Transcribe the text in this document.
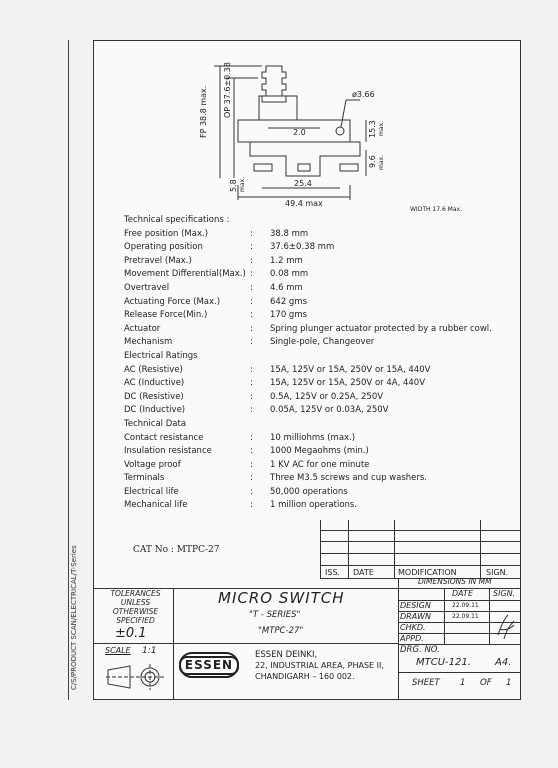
C/S/PRODUCT SCAN/ELECTRICAL/T-Series
FP 38.8 max. OP 37.6±0.38	ø3.66
2.0	15.3 max.
9.6 max.
5.8 max.	25.4
49.4 max
WIDTH 17.6 Max.
Technical specifications :
Free position (Max.)	:	38.8 mm
Operating position	:	37.6±0.38 mm
Pretravel (Max.)	:	1.2 mm
Movement Differential(Max.) :	0.08 mm
Overtravel	:	4.6 mm
Actuating Force (Max.)	:	642 gms
Release Force(Min.)	:	170 gms
Actuator	:	Spring plunger actuator protected by a rubber cowl.
Mechanism	:	Single-pole, Changeover
Electrical Ratings
AC (Resistive)	:	15A, 125V or 15A, 250V or 15A, 440V
AC (Inductive)	:	15A, 125V or 15A, 250V or 4A, 440V
DC (Resistive)	:	0.5A, 125V or 0.25A, 250V
DC (Inductive)	:	0.05A, 125V or 0.03A, 250V
Technical Data
Contact resistance	:	10 milliohms (max.)
Insulation resistance	:	1000 Megaohms (min.)
Voltage proof	:	1 KV AC for one minute
Terminals	:	Three M3.5 screws and cup washers.
Electrical life	:	50,000 operations
Mechanical life	:	1 million operations.
CAT No : MTPC-27
ISS. DATE	MODIFICATION	SIGN.
TOLERANCES
UNLESS
OTHERWISE
SPECIFIED
±0.1
MICRO SWITCH
"T - SERIES"
"MTPC-27"
DIMENSIONS IN MM
DATE	SIGN.
DESIGN	22.09.11
DRAWN	22.09.11
CHKD.
APPD.
DRG. NO.
MTCU-121. A4.
SHEET 1 OF 1
SCALE 1:1
ESSEN
ESSEN DEINKI,
22, INDUSTRIAL AREA, PHASE II,
CHANDIGARH – 160 002.
